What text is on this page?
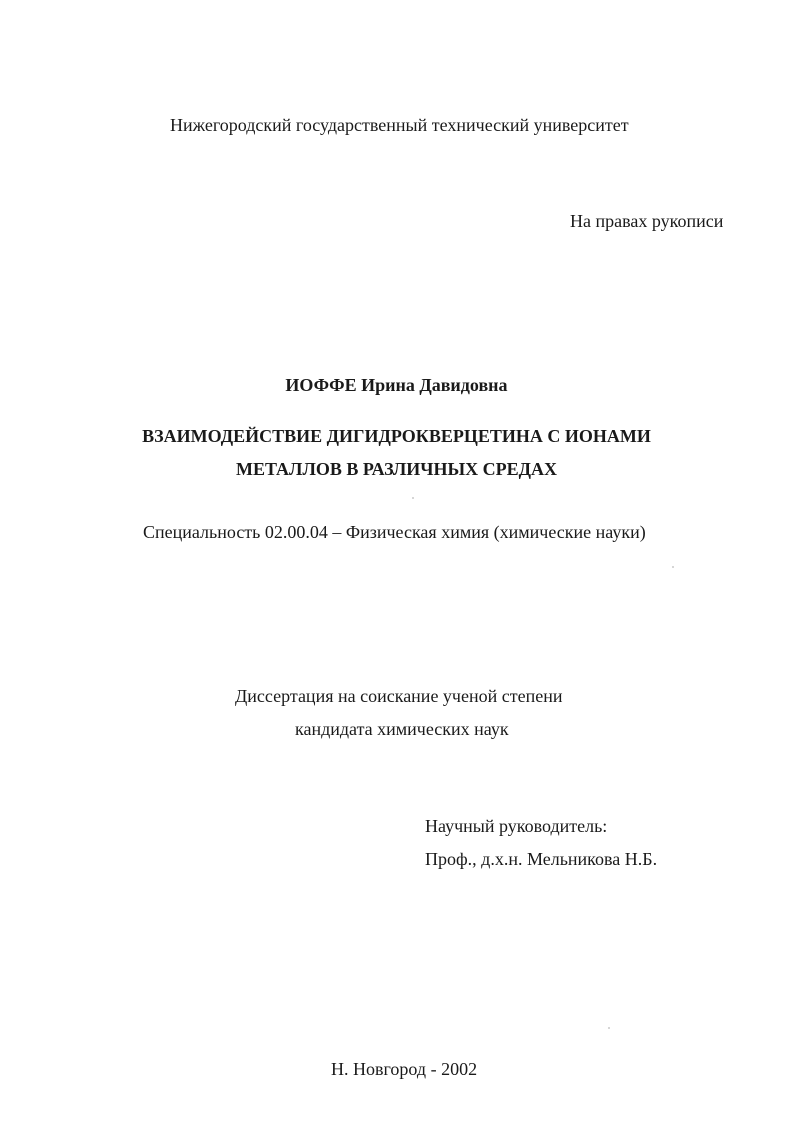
Нижегородский государственный технический университет
На правах рукописи
ИОФФЕ Ирина Давидовна
ВЗАИМОДЕЙСТВИЕ ДИГИДРОКВЕРЦЕТИНА С ИОНАМИ
МЕТАЛЛОВ В РАЗЛИЧНЫХ СРЕДАХ
Специальность 02.00.04 – Физическая химия (химические науки)
Диссертация на соискание ученой степени
кандидата химических наук
Научный руководитель:
Проф., д.х.н. Мельникова Н.Б.
Н. Новгород - 2002
